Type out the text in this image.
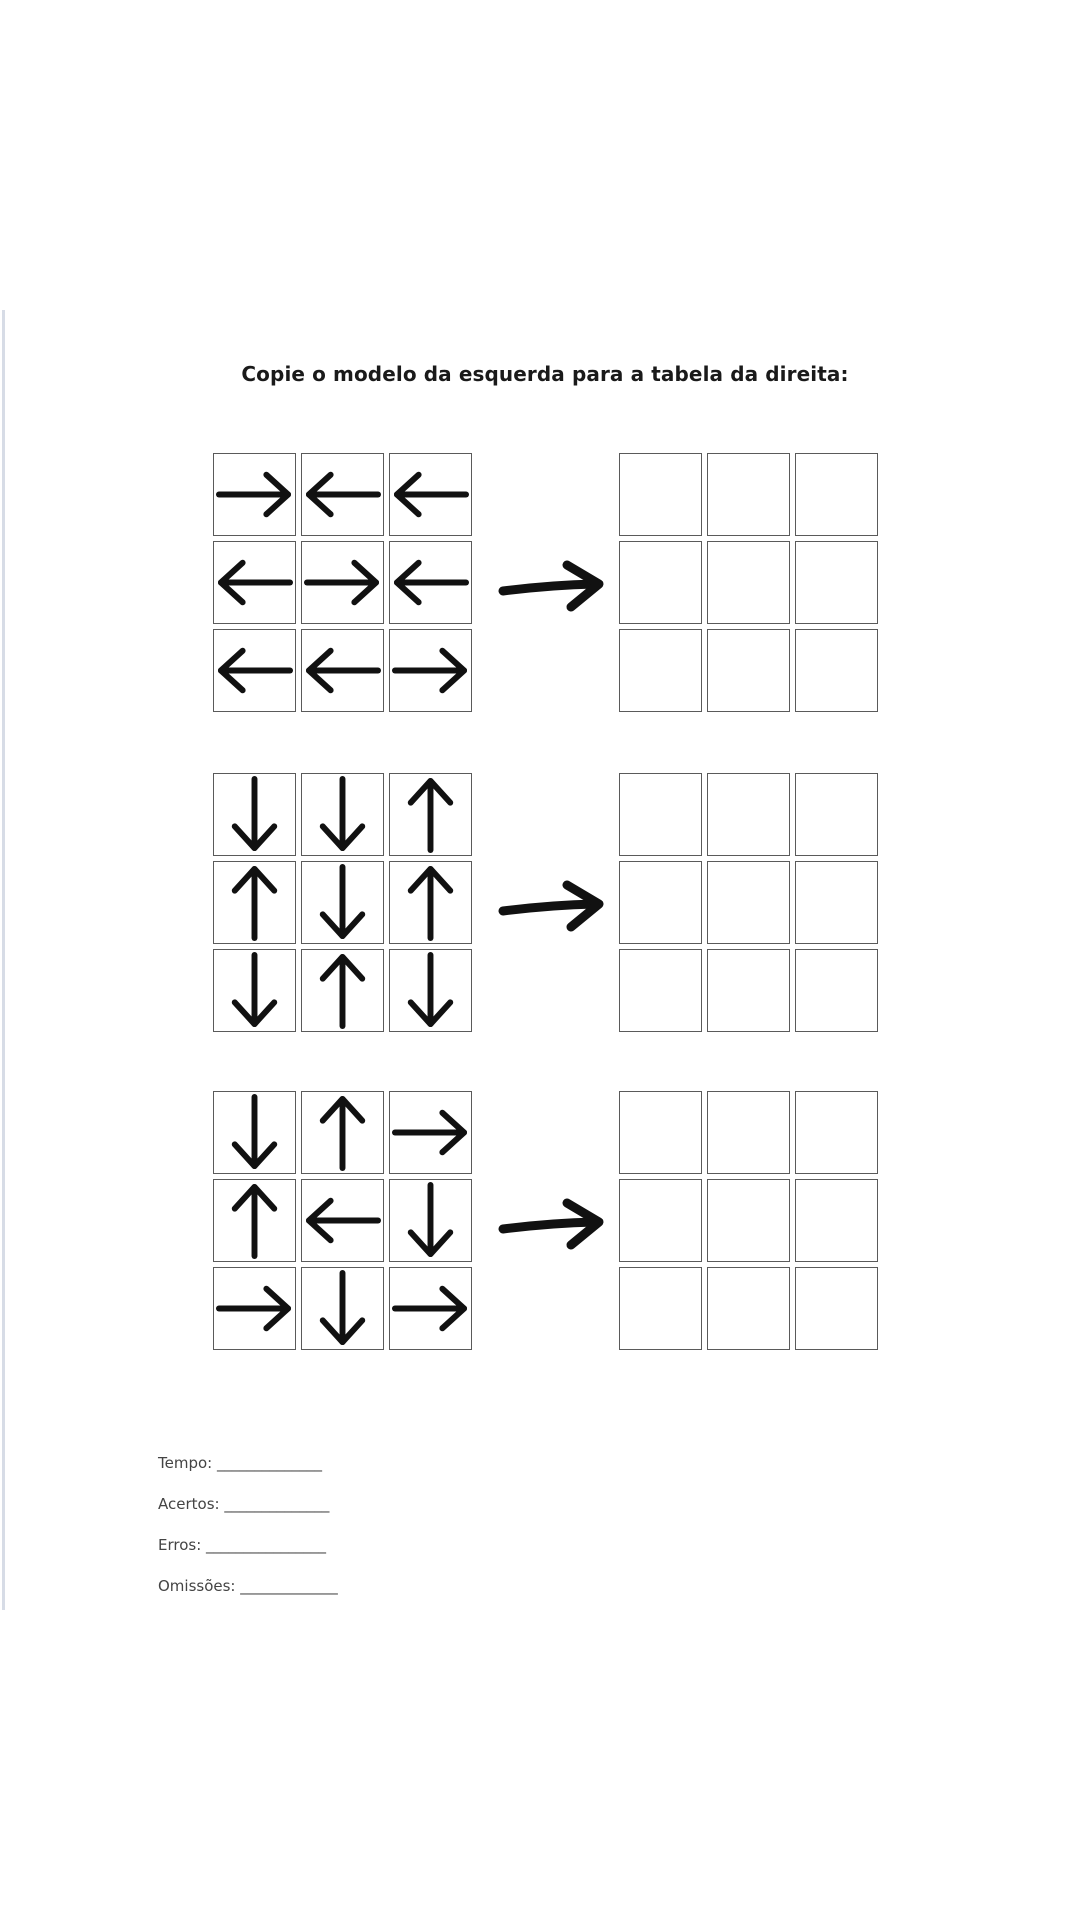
Copie o modelo da esquerda para a tabela da direita:
Tempo: ______________
Acertos: ______________
Erros: ________________
Omissões: _____________
